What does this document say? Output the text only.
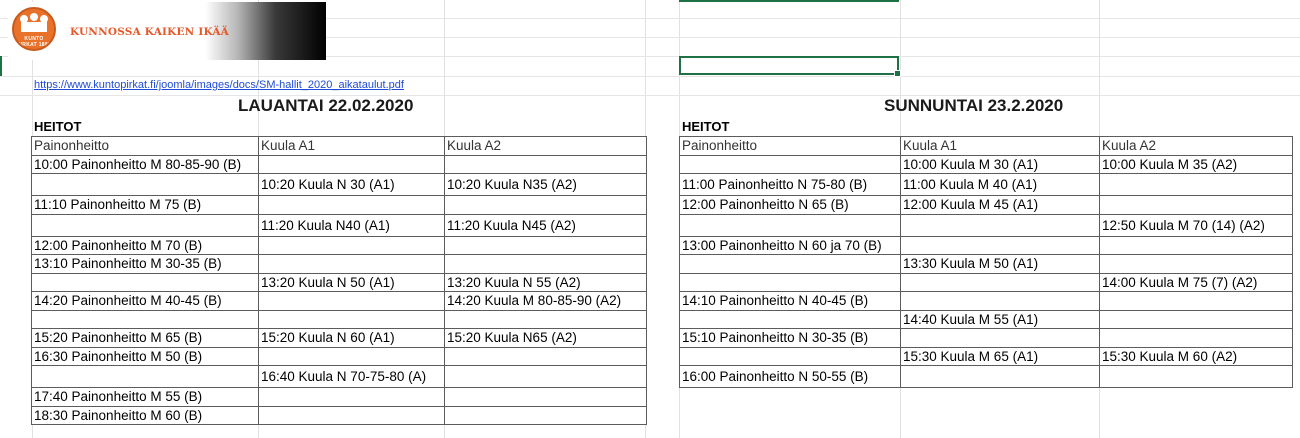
KUNTO PIRKAT 1888
KUNNOSSA KAIKEN IKÄÄ
https://www.kuntopirkat.fi/joomla/images/docs/SM-hallit_2020_aikataulut.pdf
LAUANTAI 22.02.2020
HEITOT
Painonheitto	Kuula A1	Kuula A2
10:00 Painonheitto M 80-85-90 (B)		
	10:20 Kuula N 30 (A1)	10:20 Kuula N35 (A2)
11:10 Painonheitto M 75 (B)		
	11:20 Kuula N40 (A1)	11:20 Kuula N45 (A2)
12:00 Painonheitto M 70 (B)		
13:10 Painonheitto M 30-35 (B)		
	13:20 Kuula N 50 (A1)	13:20 Kuula N 55 (A2)
14:20 Painonheitto M 40-45 (B)		14:20 Kuula M 80-85-90 (A2)

15:20 Painonheitto M 65 (B)	15:20 Kuula N 60 (A1)	15:20 Kuula N65 (A2)
16:30 Painonheitto M 50 (B)		
	16:40 Kuula N 70-75-80 (A)	
17:40 Painonheitto M 55 (B)		
18:30 Painonheitto M 60 (B)		
SUNNUNTAI 23.2.2020
HEITOT
Painonheitto	Kuula A1	Kuula A2
	10:00 Kuula M 30 (A1)	10:00 Kuula M 35 (A2)
11:00 Painonheitto N 75-80 (B)	11:00 Kuula M 40 (A1)	
12:00 Painonheitto N 65 (B)	12:00 Kuula M 45 (A1)	
		12:50 Kuula M 70 (14) (A2)
13:00 Painonheitto N 60 ja 70 (B)		
	13:30 Kuula M 50 (A1)	
		14:00 Kuula M 75 (7) (A2)
14:10 Painonheitto N 40-45 (B)		
	14:40 Kuula M 55 (A1)	
15:10 Painonheitto N 30-35 (B)		
	15:30 Kuula M 65 (A1)	15:30 Kuula M 60 (A2)
16:00 Painonheitto N 50-55 (B)		
